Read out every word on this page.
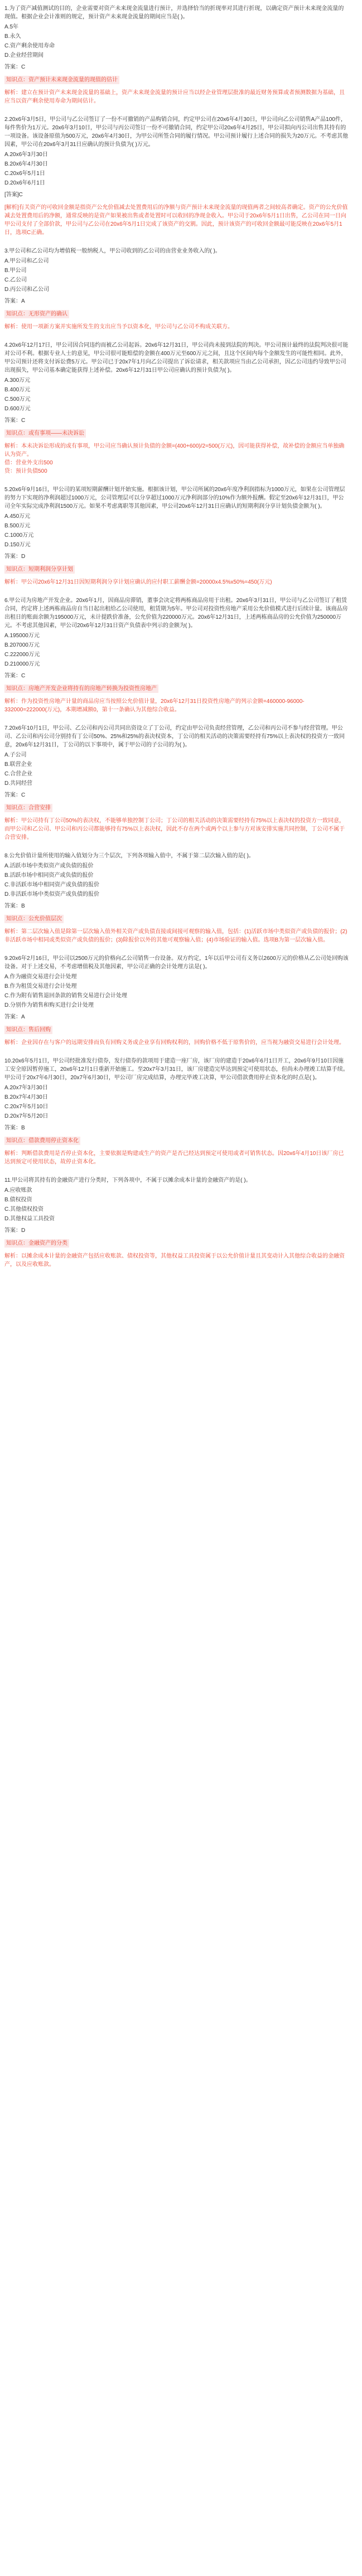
1.为了资产减值测试的目的，企业需要对资产未来现金流量进行预计，并选择恰当的折现率对其进行折现，以确定资产预计未来现金流量的现值。根据企业会计准则的规定，预计资产未来现金流量的期间应当是( )。

A.5年
B.永久
C.资产剩余使用寿命
D.企业经营期间
答案：C
知识点：资产预计未来现金流量的现值的估计
解析：建立在预计资产未来现金流量的基础上，资产未来现金流量的预计应当以经企业管理层批准的最近财务预算或者预测数据为基础，且应当以资产剩余使用寿命为期间估计。

2.20x6年3月5日，甲公司与乙公司签订了一份不可撤销的产品购销合同，约定甲公司在20x6年4月30日，甲公司向乙公司销售A产品100件，每件售价为1万元。20x6年3月10日，甲公司与丙公司签订一份不可撤销合同，约定甲公司20x6年4月25日，甲公司拟向丙公司出售其持有的一项设备。该设备原值为500万元，20x6年4月30日，为甲公司所签合同的履行情况。甲公司预计履行上述合同的损失为20万元。不考虑其他因素，甲公司在20x6年3月31日应确认的预计负债为( )万元。

A.20x6年3月30日
B.20x6年4月30日
C.20x6年5月1日
D.20x6年6月1日
[答案]C
[解析]有关资产的可收回金额是指资产公允价值减去处置费用后的净额与资产预计未来现金流量的现值两者之间较高者确定。资产的公允价值减去处置费用后的净额，通常反映的是资产如果被出售或者处置时可以收回的净现金收入。甲公司于20x6年5月1日出售，乙公司在同一日向甲公司支付了全部价款，甲公司与乙公司在20x6年5月1日完成了该资产的交割。因此，预计该资产的可收回金额最可能反映在20x6年5月1日，选项C正确。

3.甲公司和乙公司均为增值税一般纳税人，甲公司收到的乙公司的由营业业务收入的( )。

A.甲公司和乙公司
B.甲公司
C.乙公司
D.丙公司和乙公司
答案：A
知识点：无形资产的确认
解析：使用一项新方案并实施所发生的支出应当予以资本化，甲公司与乙公司不构成关联方。

4.20x6年12月17日，甲公司因合同违约而被乙公司起诉。20x6年12月31日，甲公司尚未接到法院的判决。甲公司预计最终的法院判决很可能对公司不利。根据专业人士的意见，甲公司很可能赔偿的金额在400万元至600万元之间，且这个区间内每个金额发生的可能性相同。此外，甲公司预计还将支付诉讼费5万元。甲公司已于20x7年1月向乙公司提出了诉讼请求，相关款项应当由乙公司承担，因乙公司违约导致甲公司出现损失，甲公司基本确定能获得上述补偿。20x6年12月31日甲公司应确认的预计负债为( )。

A.300万元
B.400万元
C.500万元
D.600万元
答案：C
知识点：或有事项——未决诉讼
解析：本未决诉讼形成的或有事项，甲公司应当确认预计负债的金额=(400+600)/2=500(万元)，因可能获得补偿，故补偿的金额应当单独确认为资产。
借：营业外支出500
贷：预计负债500

5.20x6年9月16日，甲公司的某项短期薪酬计划开始实施。根据该计划，甲公司所属的20x6年度净利润指标为1000万元，如果在公司管理层的努力下实现的净利润超过1000万元，公司管理层可以分享超过1000万元净利润部分的10%作为额外报酬。假定至20x6年12月31日，甲公司全年实际完成净利润1500万元。如果不考虑离职等其他因素，甲公司20x6年12月31日应确认的短期利润分享计划负债金额为( )。

A.450万元
B.500万元
C.1000万元
D.150万元
答案：D
知识点：短期利润分享计划
解析：甲公司20x6年12月31日因短期利润分享计划应确认的应付职工薪酬金额=20000x4.5%x50%=450(万元)

6.甲公司为房地产开发企业。20x6年1月，因商品房滞销，董事会决定将两栋商品房用于出租。20x6年3月31日，甲公司与乙公司签订了租赁合同，约定将上述两栋商品房自当日起出租给乙公司使用，租赁期为5年。甲公司对投资性房地产采用公允价值模式进行后续计量。该商品房出租日的账面余额为195000万元，未计提跌价准备，公允价值为220000万元。20x6年12月31日，上述两栋商品房的公允价值为250000万元。不考虑其他因素，甲公司20x6年12月31日资产负债表中列示的金额为( )。

A.195000万元
B.207000万元
C.222000万元
D.210000万元
答案：C
知识点：房地产开发企业将持有的房地产转换为投资性房地产
解析：作为投资性房地产计量的商品房应当按照公允价值计量，20x6年12月31日投资性房地产的列示金额=460000-96000-332000=222000(万元)，本期增减额0，第十一条确认为其他综合收益。

7.20x6年10月1日，甲公司、乙公司和丙公司共同出资设立了丁公司，约定由甲公司负责经营管理，乙公司和丙公司不参与经营管理。甲公司、乙公司和丙公司分别持有丁公司50%、25%和25%的表决权资本，丁公司的相关活动的决策需要经持有75%以上表决权的投资方一致同意，20x6年12月31日，丁公司的以下事项中，属于甲公司的子公司的为( )。

A.子公司
B.联营企业
C.合营企业
D.共同经营
答案：C
知识点：合营安排
解析：甲公司持有丁公司50%的表决权，不能够单独控制丁公司；丁公司的相关活动的决策需要经持有75%以上表决权的投资方一致同意，而甲公司和乙公司、甲公司和丙公司都能够持有75%以上表决权，因此不存在两个或两个以上参与方对该安排实施共同控制，丁公司不属于合营安排。

8.公允价值计量所使用的输入值划分为三个层次，下列各项输入值中，不属于第二层次输入值的是( )。

A.活跃市场中类似资产或负债的报价
B.活跃市场中相同资产或负债的报价
C.非活跃市场中相同资产或负债的报价
D.非活跃市场中类似资产或负债的报价
答案：B
知识点：公允价值层次
解析：第二层次输入值是除第一层次输入值外相关资产或负债直接或间接可观察的输入值，包括：(1)活跃市场中类似资产或负债的报价；(2)非活跃市场中相同或类似资产或负债的报价；(3)除报价以外的其他可观察输入值；(4)市场验证的输入值。选项B为第一层次输入值。

9.20x6年2月16日，甲公司以2500万元的价格向乙公司销售一台设备。双方约定，1年以后甲公司有义务以2600万元的价格从乙公司处回购该设备。对于上述交易，不考虑增值税及其他因素，甲公司正确的会计处理方法是( )。

A.作为融资交易进行会计处理
B.作为租赁交易进行会计处理
C.作为附有销售退回条款的销售交易进行会计处理
D.分别作为销售和购买进行会计处理
答案：A
知识点：售后回购
解析：企业因存在与客户的远期安排而负有回购义务或企业享有回购权利的，回购价格不低于原售价的，应当视为融资交易进行会计处理。

10.20x6年5月1日，甲公司经批准发行债券，发行债券的款项用于建造一座厂房，该厂房的建造于20x6年6月1日开工，20x6年9月10日因施工安全原因暂停施工，20x6年12月1日重新开始施工。至20x7年3月31日，该厂房建造完毕达到预定可使用状态，但尚未办理竣工结算手续。甲公司于20x7年6月30日，20x7年6月30日，甲公司厂房完成结算，办理完毕竣工决算，甲公司借款费用停止资本化的时点是( )。

A.20x7年3月30日
B.20x7年4月30日
C.20x7年5月10日
D.20x7年5月20日
答案：B
知识点：借款费用停止资本化
解析：判断借款费用是否停止资本化，主要依据是购建或生产的资产是否已经达到预定可使用或者可销售状态。因20x6年4月10日该厂房已达到预定可使用状态，故停止资本化。

11.甲公司将其持有的金融资产进行分类时，下列各项中，不属于以摊余成本计量的金融资产的是( )。

A.应收账款
B.债权投资
C.其他债权投资
D.其他权益工具投资
答案：D
知识点：金融资产的分类
解析：以摊余成本计量的金融资产包括应收账款、债权投资等，其他权益工具投资属于以公允价值计量且其变动计入其他综合收益的金融资产，以及应收账款。
